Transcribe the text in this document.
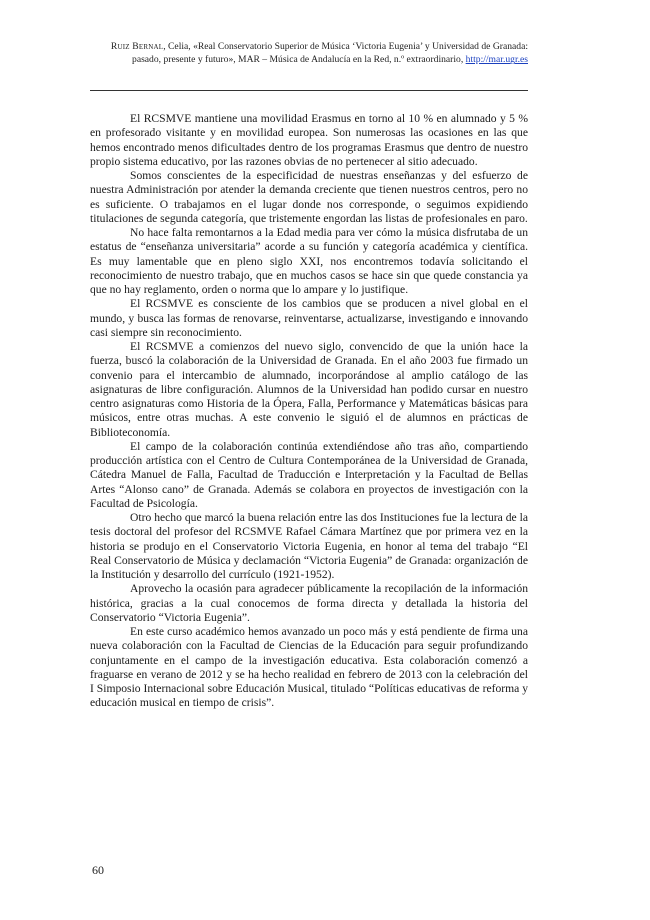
Ruiz Bernal, Celia, «Real Conservatorio Superior de Música ‘Victoria Eugenia’ y Universidad de Granada: pasado, presente y futuro», MAR – Música de Andalucía en la Red, n.º extraordinario, http://mar.ugr.es

El RCSMVE mantiene una movilidad Erasmus en torno al 10 % en alumnado y 5 % en profesorado visitante y en movilidad europea. Son numerosas las ocasiones en las que hemos encontrado menos dificultades dentro de los programas Erasmus que dentro de nuestro propio sistema educativo, por las razones obvias de no pertenecer al sitio adecuado.

Somos conscientes de la especificidad de nuestras enseñanzas y del esfuerzo de nuestra Administración por atender la demanda creciente que tienen nuestros centros, pero no es suficiente. O trabajamos en el lugar donde nos corresponde, o seguimos expidiendo titulaciones de segunda categoría, que tristemente engordan las listas de profesionales en paro.

No hace falta remontarnos a la Edad media para ver cómo la música disfrutaba de un estatus de “enseñanza universitaria” acorde a su función y categoría académica y científica. Es muy lamentable que en pleno siglo XXI, nos encontremos todavía solicitando el reconocimiento de nuestro trabajo, que en muchos casos se hace sin que quede constancia ya que no hay reglamento, orden o norma que lo ampare y lo justifique.

El RCSMVE es consciente de los cambios que se producen a nivel global en el mundo, y busca las formas de renovarse, reinventarse, actualizarse, investigando e innovando casi siempre sin reconocimiento.

El RCSMVE a comienzos del nuevo siglo, convencido de que la unión hace la fuerza, buscó la colaboración de la Universidad de Granada. En el año 2003 fue firmado un convenio para el intercambio de alumnado, incorporándose al amplio catálogo de las asignaturas de libre configuración. Alumnos de la Universidad han podido cursar en nuestro centro asignaturas como Historia de la Ópera, Falla, Performance y Matemáticas básicas para músicos, entre otras muchas. A este convenio le siguió el de alumnos en prácticas de Biblioteconomía.

El campo de la colaboración continúa extendiéndose año tras año, compartiendo producción artística con el Centro de Cultura Contemporánea de la Universidad de Granada, Cátedra Manuel de Falla, Facultad de Traducción e Interpretación y la Facultad de Bellas Artes “Alonso cano” de Granada. Además se colabora en proyectos de investigación con la Facultad de Psicología.

Otro hecho que marcó la buena relación entre las dos Instituciones fue la lectura de la tesis doctoral del profesor del RCSMVE Rafael Cámara Martínez que por primera vez en la historia se produjo en el Conservatorio Victoria Eugenia, en honor al tema del trabajo “El Real Conservatorio de Música y declamación “Victoria Eugenia” de Granada: organización de la Institución y desarrollo del currículo (1921-1952).

Aprovecho la ocasión para agradecer públicamente la recopilación de la información histórica, gracias a la cual conocemos de forma directa y detallada la historia del Conservatorio “Victoria Eugenia”.

En este curso académico hemos avanzado un poco más y está pendiente de firma una nueva colaboración con la Facultad de Ciencias de la Educación para seguir profundizando conjuntamente en el campo de la investigación educativa. Esta colaboración comenzó a fraguarse en verano de 2012 y se ha hecho realidad en febrero de 2013 con la celebración del I Simposio Internacional sobre Educación Musical, titulado “Políticas educativas de reforma y educación musical en tiempo de crisis”.

60
